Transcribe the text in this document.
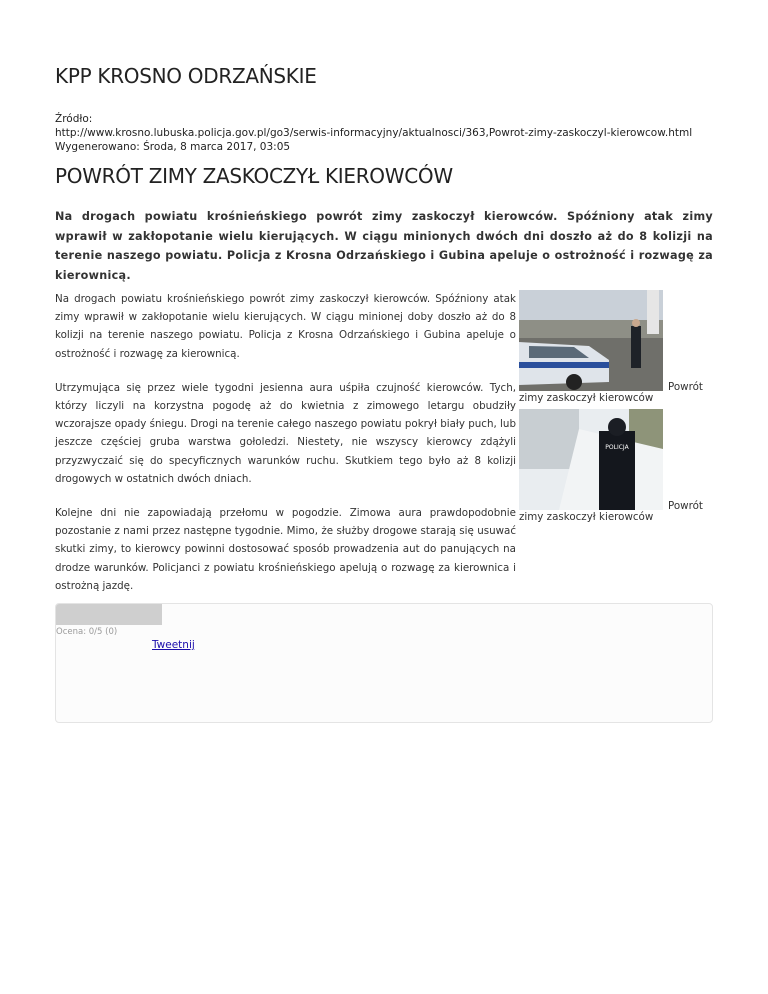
KPP KROSNO ODRZAŃSKIE
Źródło:
http://www.krosno.lubuska.policja.gov.pl/go3/serwis-informacyjny/aktualnosci/363,Powrot-zimy-zaskoczyl-kierowcow.html
Wygenerowano: Środa, 8 marca 2017, 03:05
POWRÓT ZIMY ZASKOCZYŁ KIEROWCÓW

Na drogach powiatu krośnieńskiego powrót zimy zaskoczył kierowców. Spóźniony atak zimy wprawił w zakłopotanie wielu kierujących. W ciągu minionych dwóch dni doszło aż do 8 kolizji na terenie naszego powiatu. Policja z Krosna Odrzańskiego i Gubina apeluje o ostrożność i rozwagę za kierownicą.

Na drogach powiatu krośnieńskiego powrót zimy zaskoczył kierowców. Spóźniony atak zimy wprawił w zakłopotanie wielu kierujących. W ciągu minionej doby doszło aż do 8 kolizji na terenie naszego powiatu. Policja z Krosna Odrzańskiego i Gubina apeluje o ostrożność i rozwagę za kierownicą.

Utrzymująca się przez wiele tygodni jesienna aura uśpiła czujność kierowców. Tych, którzy liczyli na korzystna pogodę aż do kwietnia z zimowego letargu obudziły wczorajsze opady śniegu. Drogi na terenie całego naszego powiatu pokrył biały puch, lub jeszcze częściej gruba warstwa gołoledzi. Niestety, nie wszyscy kierowcy zdążyli przyzwyczaić się do specyficznych warunków ruchu. Skutkiem tego było aż 8 kolizji drogowych w ostatnich dwóch dniach.

Kolejne dni nie zapowiadają przełomu w pogodzie. Zimowa aura prawdopodobnie pozostanie z nami przez następne tygodnie. Mimo, że służby drogowe starają się usuwać skutki zimy, to kierowcy powinni dostosować sposób prowadzenia aut do panujących na drodze warunków. Policjanci z powiatu krośnieńskiego apelują o rozwagę za kierownica i ostrożną jazdę.

Powrót
zimy zaskoczył kierowców
POLICJA
Powrót
zimy zaskoczył kierowców
Ocena: 0/5 (0)
Tweetnij
